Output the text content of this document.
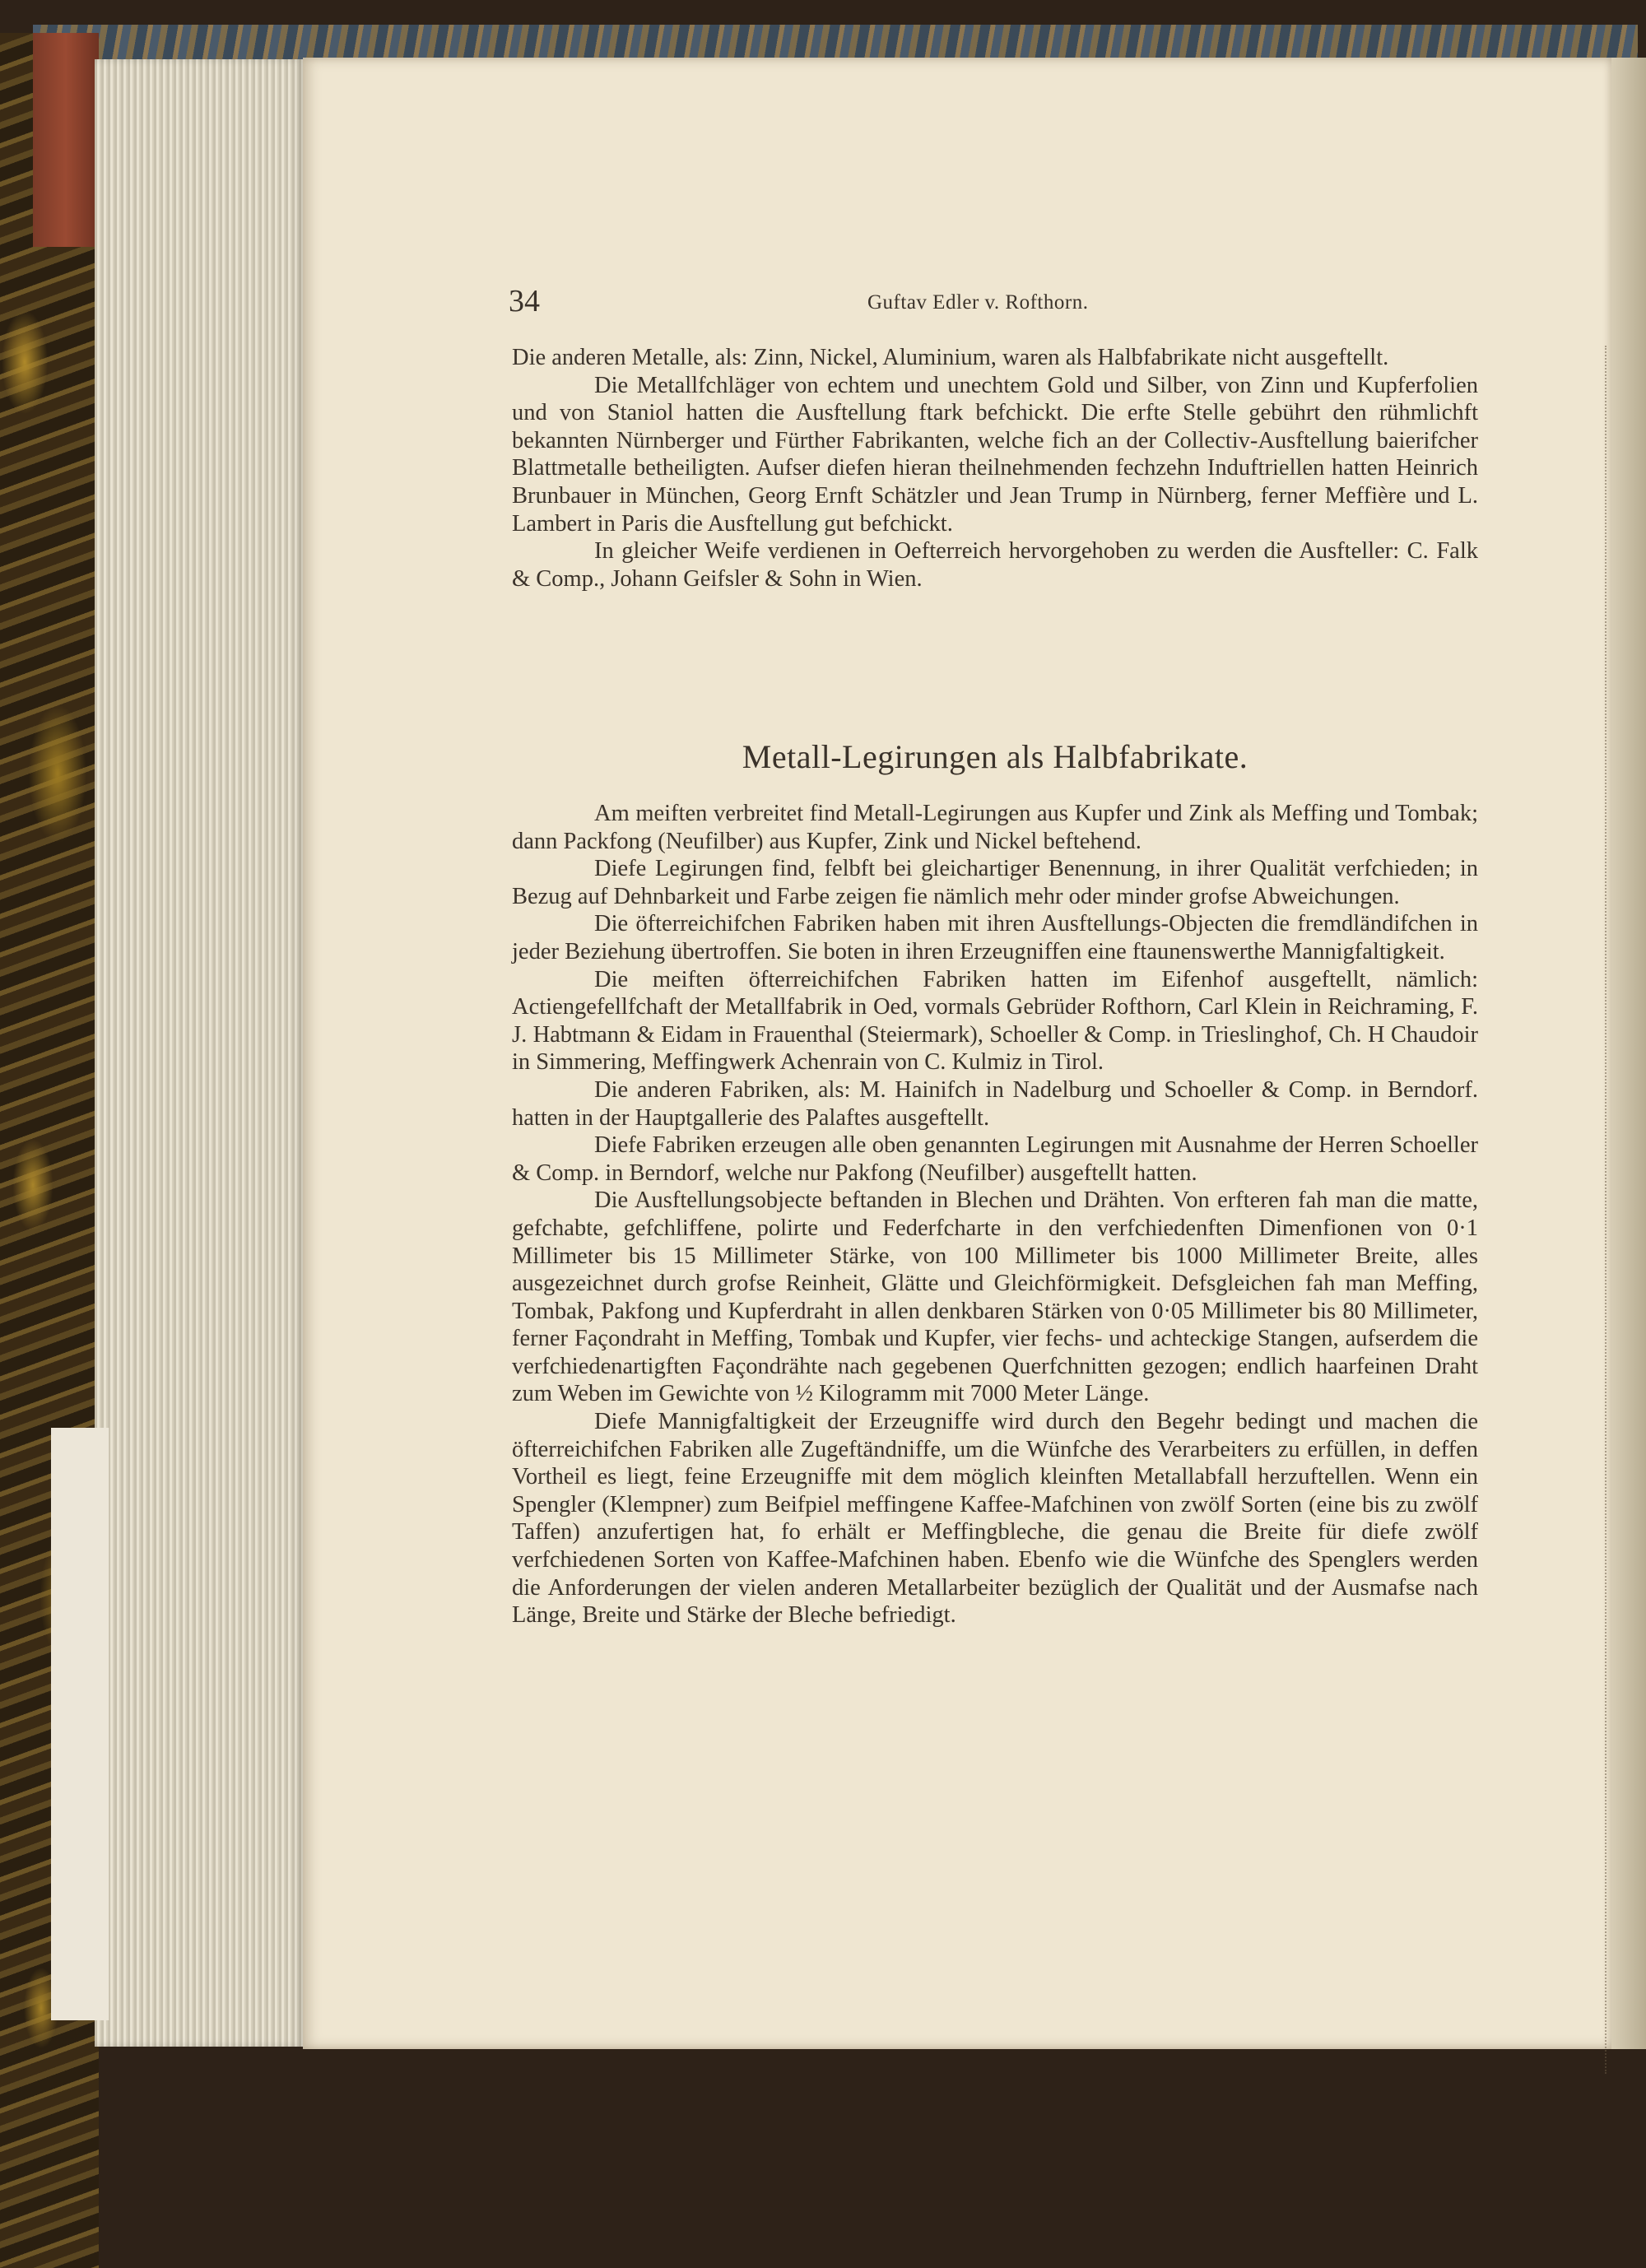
34	Guftav Edler v. Rofthorn.

Die anderen Metalle, als: Zinn, Nickel, Aluminium, waren als Halbfabrikate nicht ausgeftellt.

Die Metallfchläger von echtem und unechtem Gold und Silber, von Zinn und Kupferfolien und von Staniol hatten die Ausftellung ftark befchickt. Die erfte Stelle gebührt den rühmlichft bekannten Nürnberger und Fürther Fabrikanten, welche fich an der Collectiv-Ausftellung baierifcher Blattmetalle betheiligten. Aufser diefen hieran theilnehmenden fechzehn Induftriellen hatten Heinrich Brunbauer in München, Georg Ernft Schätzler und Jean Trump in Nürnberg, ferner Meffière und L. Lambert in Paris die Ausftellung gut befchickt.

In gleicher Weife verdienen in Oefterreich hervorgehoben zu werden die Ausfteller: C. Falk & Comp., Johann Geifsler & Sohn in Wien.

Metall-Legirungen als Halbfabrikate.

Am meiften verbreitet find Metall-Legirungen aus Kupfer und Zink als Meffing und Tombak; dann Packfong (Neufilber) aus Kupfer, Zink und Nickel beftehend.

Diefe Legirungen find, felbft bei gleichartiger Benennung, in ihrer Qualität verfchieden; in Bezug auf Dehnbarkeit und Farbe zeigen fie nämlich mehr oder minder grofse Abweichungen.

Die öfterreichifchen Fabriken haben mit ihren Ausftellungs-Objecten die fremdländifchen in jeder Beziehung übertroffen. Sie boten in ihren Erzeugniffen eine ftaunenswerthe Mannigfaltigkeit.

Die meiften öfterreichifchen Fabriken hatten im Eifenhof ausgeftellt, nämlich: Actiengefellfchaft der Metallfabrik in Oed, vormals Gebrüder Rofthorn, Carl Klein in Reichraming, F. J. Habtmann & Eidam in Frauenthal (Steiermark), Schoeller & Comp. in Trieslinghof, Ch. H Chaudoir in Simmering, Meffingwerk Achenrain von C. Kulmiz in Tirol.

Die anderen Fabriken, als: M. Hainifch in Nadelburg und Schoeller & Comp. in Berndorf. hatten in der Hauptgallerie des Palaftes ausgeftellt.

Diefe Fabriken erzeugen alle oben genannten Legirungen mit Ausnahme der Herren Schoeller & Comp. in Berndorf, welche nur Pakfong (Neufilber) ausgeftellt hatten.

Die Ausftellungsobjecte beftanden in Blechen und Drähten. Von erfteren fah man die matte, gefchabte, gefchliffene, polirte und Federfcharte in den verfchiedenften Dimenfionen von 0·1 Millimeter bis 15 Millimeter Stärke, von 100 Millimeter bis 1000 Millimeter Breite, alles ausgezeichnet durch grofse Reinheit, Glätte und Gleichförmigkeit. Defsgleichen fah man Meffing, Tombak, Pakfong und Kupferdraht in allen denkbaren Stärken von 0·05 Millimeter bis 80 Millimeter, ferner Façondraht in Meffing, Tombak und Kupfer, vier fechs- und achteckige Stangen, aufserdem die verfchiedenartigften Façondrähte nach gegebenen Querfchnitten gezogen; endlich haarfeinen Draht zum Weben im Gewichte von ½ Kilogramm mit 7000 Meter Länge.

Diefe Mannigfaltigkeit der Erzeugniffe wird durch den Begehr bedingt und machen die öfterreichifchen Fabriken alle Zugeftändniffe, um die Wünfche des Verarbeiters zu erfüllen, in deffen Vortheil es liegt, feine Erzeugniffe mit dem möglich kleinften Metallabfall herzuftellen. Wenn ein Spengler (Klempner) zum Beifpiel meffingene Kaffee-Mafchinen von zwölf Sorten (eine bis zu zwölf Taffen) anzufertigen hat, fo erhält er Meffingbleche, die genau die Breite für diefe zwölf verfchiedenen Sorten von Kaffee-Mafchinen haben. Ebenfo wie die Wünfche des Spenglers werden die Anforderungen der vielen anderen Metallarbeiter bezüglich der Qualität und der Ausmafse nach Länge, Breite und Stärke der Bleche befriedigt.
